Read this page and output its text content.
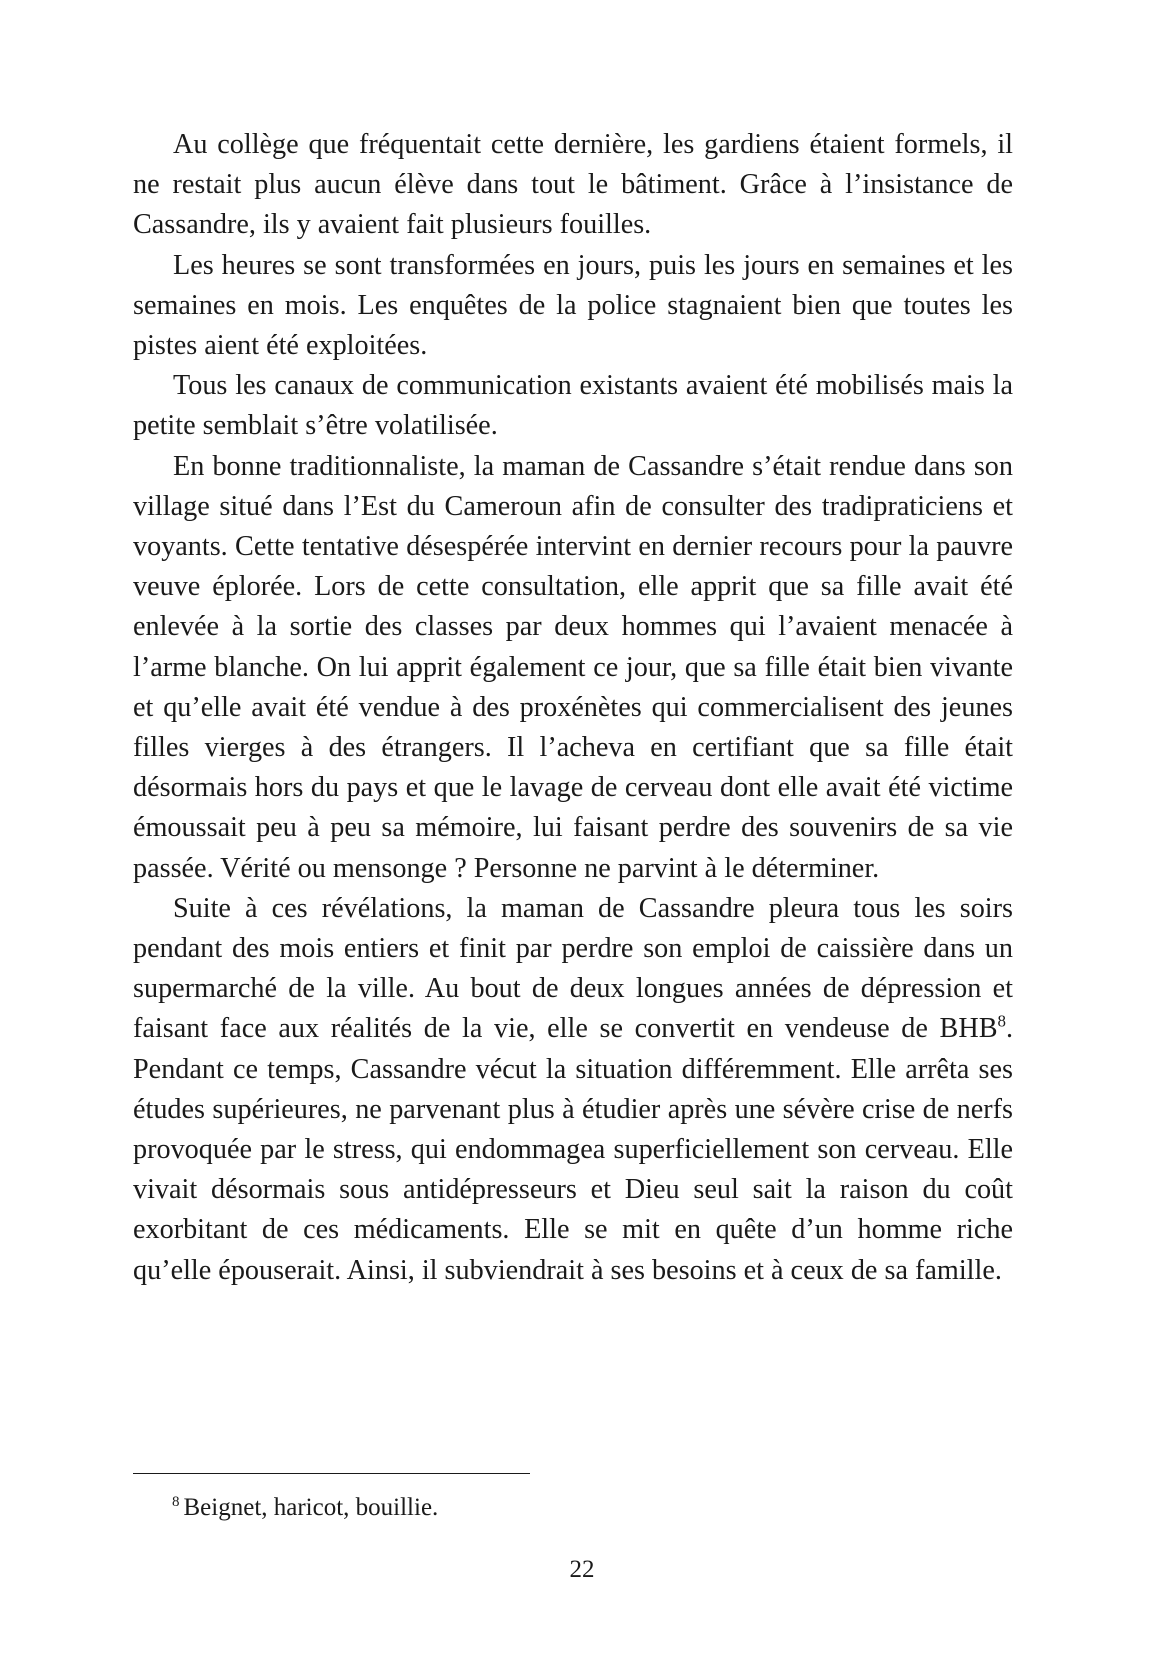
Au collège que fréquentait cette dernière, les gardiens étaient formels, il ne restait plus aucun élève dans tout le bâtiment. Grâce à l’insistance de Cassandre, ils y avaient fait plusieurs fouilles.

Les heures se sont transformées en jours, puis les jours en semaines et les semaines en mois. Les enquêtes de la police stagnaient bien que toutes les pistes aient été exploitées.

Tous les canaux de communication existants avaient été mobilisés mais la petite semblait s’être volatilisée.

En bonne traditionnaliste, la maman de Cassandre s’était rendue dans son village situé dans l’Est du Cameroun afin de consulter des tradipraticiens et voyants. Cette tentative désespérée intervint en dernier recours pour la pauvre veuve éplorée. Lors de cette consultation, elle apprit que sa fille avait été enlevée à la sortie des classes par deux hommes qui l’avaient menacée à l’arme blanche. On lui apprit également ce jour, que sa fille était bien vivante et qu’elle avait été vendue à des proxénètes qui commercialisent des jeunes filles vierges à des étrangers. Il l’acheva en certifiant que sa fille était désormais hors du pays et que le lavage de cerveau dont elle avait été victime émoussait peu à peu sa mémoire, lui faisant perdre des souvenirs de sa vie passée. Vérité ou mensonge ? Personne ne parvint à le déterminer.

Suite à ces révélations, la maman de Cassandre pleura tous les soirs pendant des mois entiers et finit par perdre son emploi de caissière dans un supermarché de la ville. Au bout de deux longues années de dépression et faisant face aux réalités de la vie, elle se convertit en vendeuse de BHB$^8$. Pendant ce temps, Cassandre vécut la situation différemment. Elle arrêta ses études supérieures, ne parvenant plus à étudier après une sévère crise de nerfs provoquée par le stress, qui endommagea superficiellement son cerveau. Elle vivait désormais sous antidépresseurs et Dieu seul sait la raison du coût exorbitant de ces médicaments. Elle se mit en quête d’un homme riche qu’elle épouserait. Ainsi, il subviendrait à ses besoins et à ceux de sa famille.

$^8$ Beignet, haricot, bouillie.
22
